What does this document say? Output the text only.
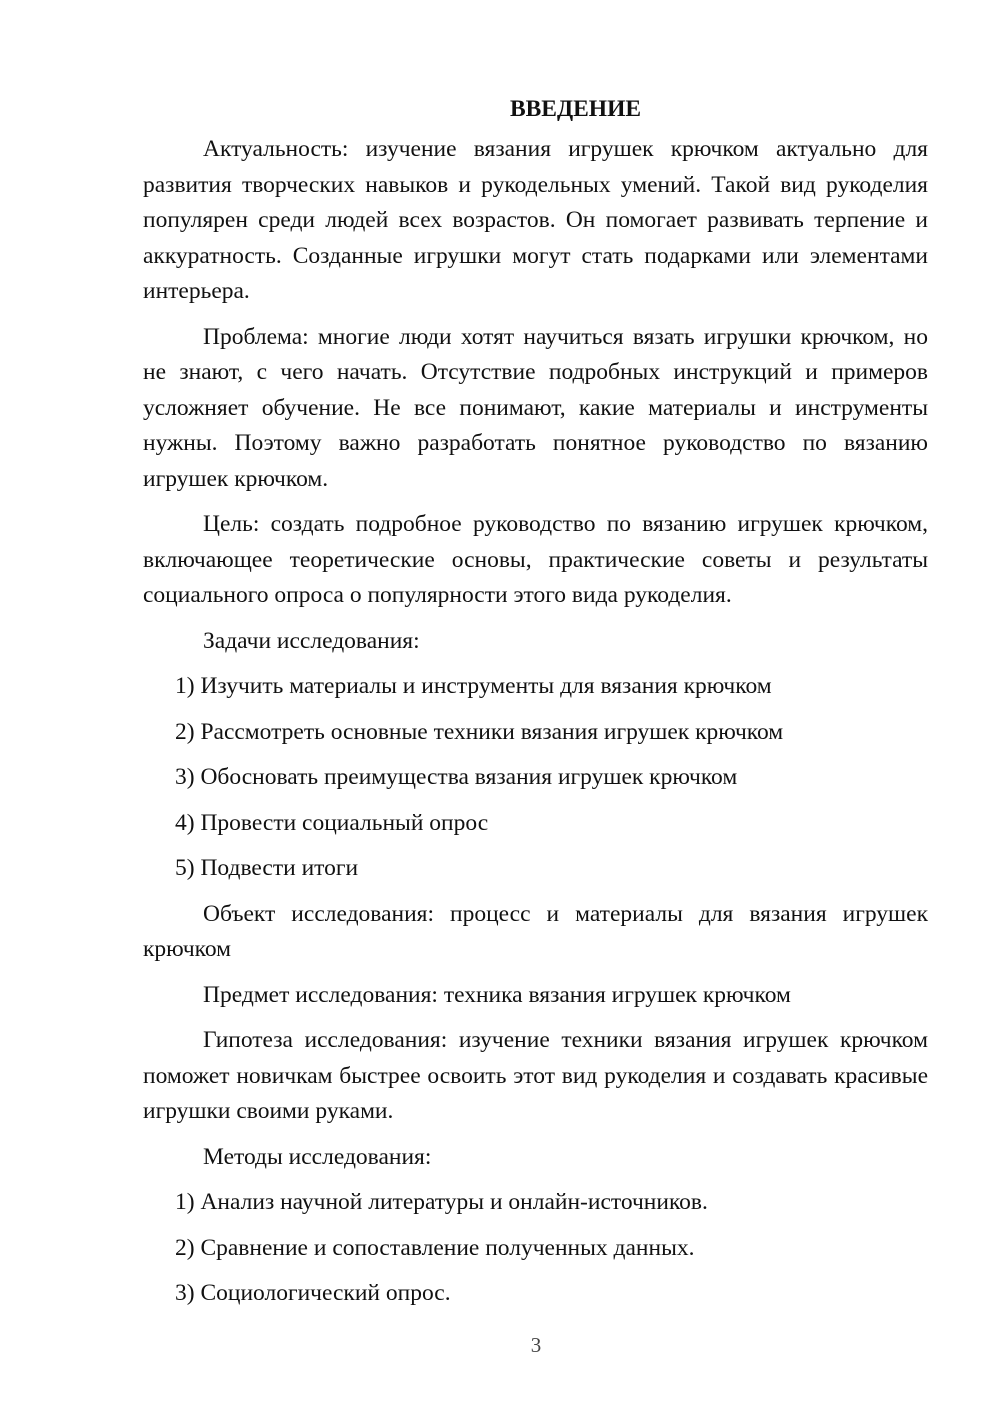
ВВЕДЕНИЕ

Актуальность: изучение вязания игрушек крючком актуально для развития творческих навыков и рукодельных умений. Такой вид рукоделия популярен среди людей всех возрастов. Он помогает развивать терпение и аккуратность. Созданные игрушки могут стать подарками или элементами интерьера.

Проблема: многие люди хотят научиться вязать игрушки крючком, но не знают, с чего начать. Отсутствие подробных инструкций и примеров усложняет обучение. Не все понимают, какие материалы и инструменты нужны. Поэтому важно разработать понятное руководство по вязанию игрушек крючком.

Цель: создать подробное руководство по вязанию игрушек крючком, включающее теоретические основы, практические советы и результаты социального опроса о популярности этого вида рукоделия.

Задачи исследования:

1) Изучить материалы и инструменты для вязания крючком

2) Рассмотреть основные техники вязания игрушек крючком

3) Обосновать преимущества вязания игрушек крючком

4) Провести социальный опрос

5) Подвести итоги

Объект исследования: процесс и материалы для вязания игрушек крючком

Предмет исследования: техника вязания игрушек крючком

Гипотеза исследования: изучение техники вязания игрушек крючком поможет новичкам быстрее освоить этот вид рукоделия и создавать красивые игрушки своими руками.

Методы исследования:

1) Анализ научной литературы и онлайн-источников.

2) Сравнение и сопоставление полученных данных.

3) Социологический опрос.

3
